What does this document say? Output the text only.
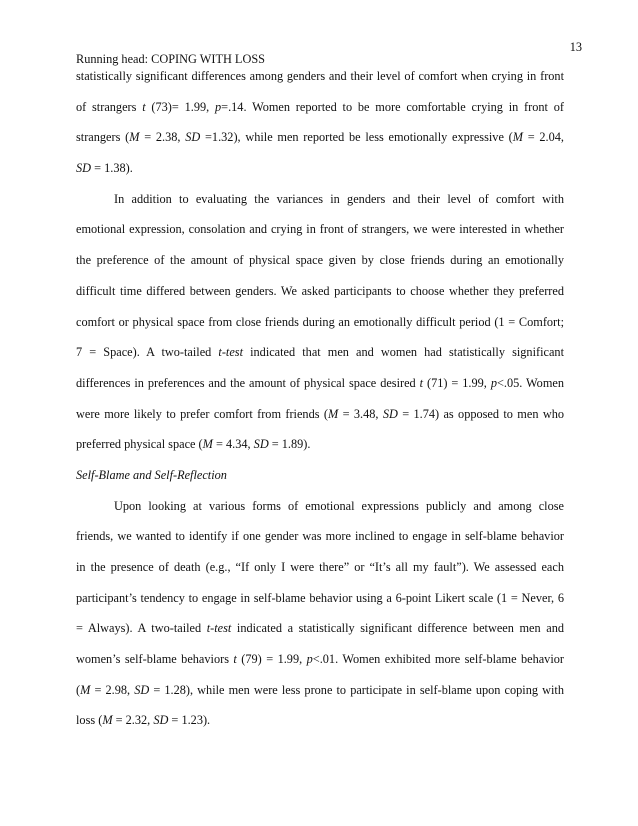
Running head: COPING WITH LOSS
13
statistically significant differences among genders and their level of comfort when crying in front
of strangers t (73)= 1.99, p=.14. Women reported to be more comfortable crying in front of
strangers (M = 2.38, SD =1.32), while men reported be less emotionally expressive (M = 2.04,
SD = 1.38).
In addition to evaluating the variances in genders and their level of comfort with
emotional expression, consolation and crying in front of strangers, we were interested in whether
the preference of the amount of physical space given by close friends during an emotionally
difficult time differed between genders. We asked participants to choose whether they preferred
comfort or physical space from close friends during an emotionally difficult period (1 = Comfort;
7 = Space). A two-tailed t-test indicated that men and women had statistically significant
differences in preferences and the amount of physical space desired t (71) = 1.99, p<.05. Women
were more likely to prefer comfort from friends (M = 3.48, SD = 1.74) as opposed to men who
preferred physical space (M = 4.34, SD = 1.89).
Self-Blame and Self-Reflection
Upon looking at various forms of emotional expressions publicly and among close
friends, we wanted to identify if one gender was more inclined to engage in self-blame behavior
in the presence of death (e.g., “If only I were there” or “It’s all my fault”). We assessed each
participant’s tendency to engage in self-blame behavior using a 6-point Likert scale (1 = Never, 6
= Always). A two-tailed t-test indicated a statistically significant difference between men and
women’s self-blame behaviors t (79) = 1.99, p<.01. Women exhibited more self-blame behavior
(M = 2.98, SD = 1.28), while men were less prone to participate in self-blame upon coping with
loss (M = 2.32, SD = 1.23).
